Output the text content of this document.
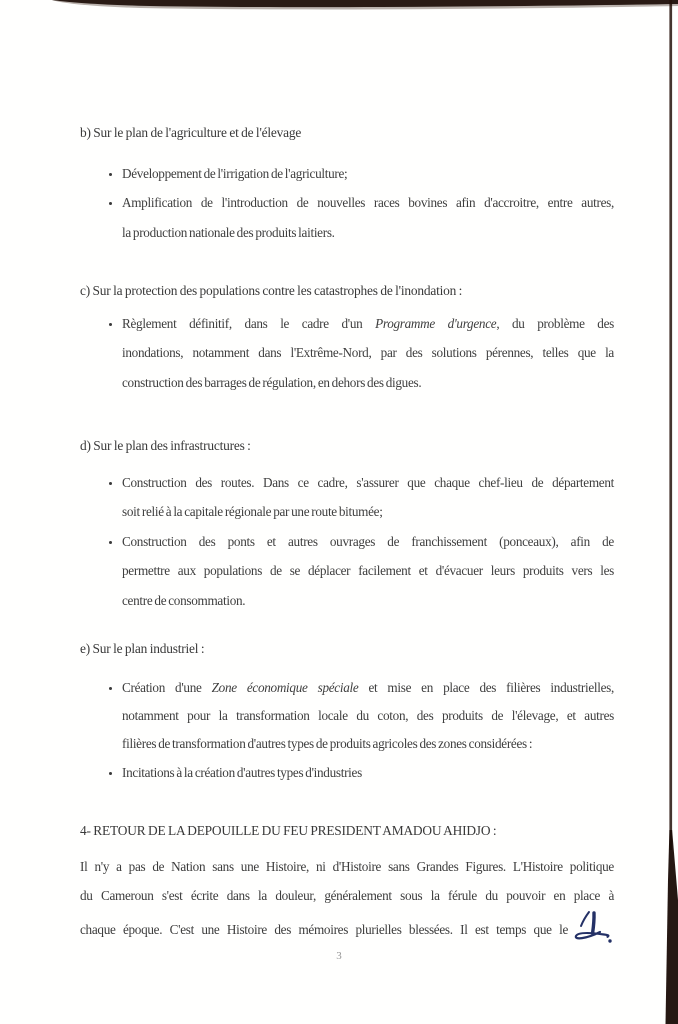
b) Sur le plan de l'agriculture et de l'élevage
• Développement de l'irrigation de l'agriculture;
• Amplification de l'introduction de nouvelles races bovines afin d'accroitre, entre autres,
la production nationale des produits laitiers.
c) Sur la protection des populations contre les catastrophes de l'inondation :
• Règlement définitif, dans le cadre d'un Programme d'urgence, du problème des
inondations, notamment dans l'Extrême-Nord, par des solutions pérennes, telles que la
construction des barrages de régulation, en dehors des digues.
d) Sur le plan des infrastructures :
• Construction des routes. Dans ce cadre, s'assurer que chaque chef-lieu de département
soit relié à la capitale régionale par une route bitumée;
• Construction des ponts et autres ouvrages de franchissement (ponceaux), afin de
permettre aux populations de se déplacer facilement et d'évacuer leurs produits vers les
centre de consommation.
e) Sur le plan industriel :
• Création d'une Zone économique spéciale et mise en place des filières industrielles,
notamment pour la transformation locale du coton, des produits de l'élevage, et autres
filières de transformation d'autres types de produits agricoles des zones considérées :
• Incitations à la création d'autres types d'industries
4- RETOUR DE LA DEPOUILLE DU FEU PRESIDENT AMADOU AHIDJO :
Il n'y a pas de Nation sans une Histoire, ni d'Histoire sans Grandes Figures. L'Histoire politique
du Cameroun s'est écrite dans la douleur, généralement sous la férule du pouvoir en place à
chaque époque. C'est une Histoire des mémoires plurielles blessées. Il est temps que le
3
